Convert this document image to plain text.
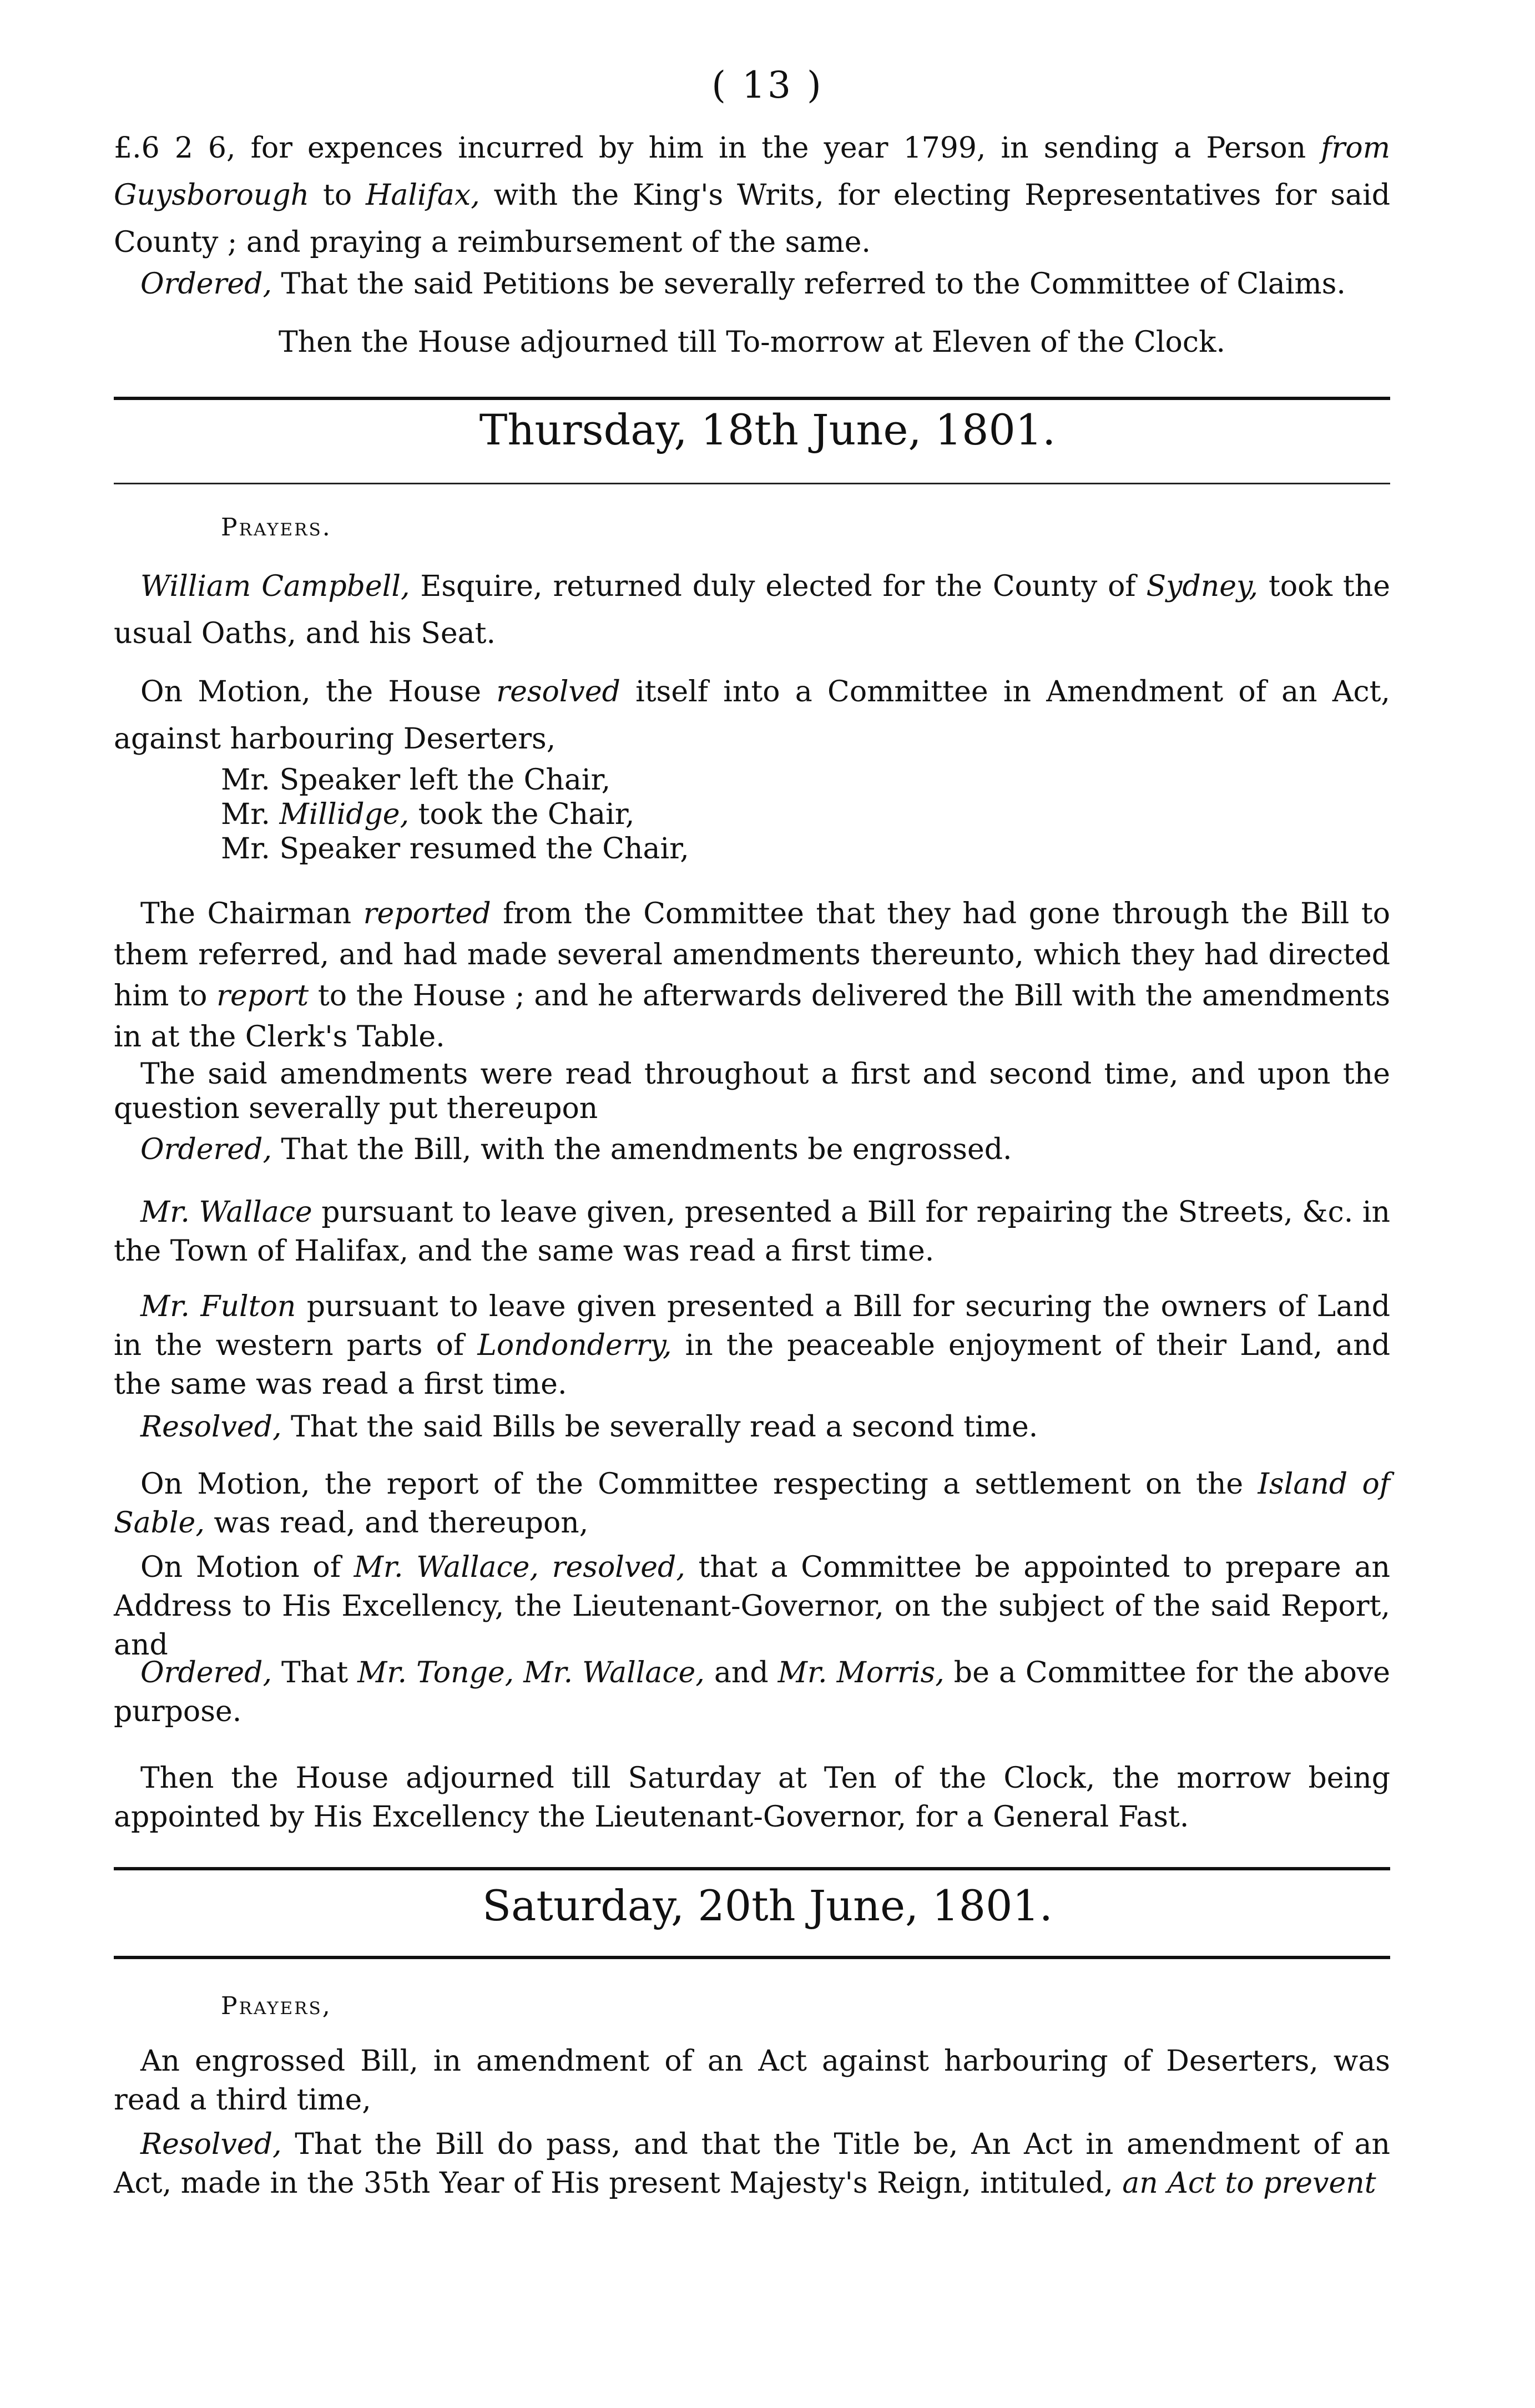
( 13 )
£.6 2 6, for expences incurred by him in the year 1799, in sending a Person from Guysborough to Halifax, with the King's Writs, for electing Representatives for said County ; and praying a reimbursement of the same.
Ordered, That the said Petitions be severally referred to the Committee of Claims.
Then the House adjourned till To-morrow at Eleven of the Clock.
Thursday, 18th June, 1801.
Prayers.
William Campbell, Esquire, returned duly elected for the County of Sydney, took the usual Oaths, and his Seat.
On Motion, the House resolved itself into a Committee in Amendment of an Act, against harbouring Deserters,
Mr. Speaker left the Chair,
Mr. Millidge, took the Chair,
Mr. Speaker resumed the Chair,
The Chairman reported from the Committee that they had gone through the Bill to them referred, and had made several amendments thereunto, which they had directed him to report to the House ; and he afterwards delivered the Bill with the amendments in at the Clerk's Table.
The said amendments were read throughout a first and second time, and upon the question severally put thereupon
Ordered, That the Bill, with the amendments be engrossed.
Mr. Wallace pursuant to leave given, presented a Bill for repairing the Streets, &c. in the Town of Halifax, and the same was read a first time.
Mr. Fulton pursuant to leave given presented a Bill for securing the owners of Land in the western parts of Londonderry, in the peaceable enjoyment of their Land, and the same was read a first time.
Resolved, That the said Bills be severally read a second time.
On Motion, the report of the Committee respecting a settlement on the Island of Sable, was read, and thereupon,
On Motion of Mr. Wallace, resolved, that a Committee be appointed to prepare an Address to His Excellency, the Lieutenant-Governor, on the subject of the said Report, and
Ordered, That Mr. Tonge, Mr. Wallace, and Mr. Morris, be a Committee for the above purpose.
Then the House adjourned till Saturday at Ten of the Clock, the morrow being appointed by His Excellency the Lieutenant-Governor, for a General Fast.
Saturday, 20th June, 1801.
Prayers,
An engrossed Bill, in amendment of an Act against harbouring of Deserters, was read a third time,
Resolved, That the Bill do pass, and that the Title be, An Act in amendment of an Act, made in the 35th Year of His present Majesty's Reign, intituled, an Act to prevent
